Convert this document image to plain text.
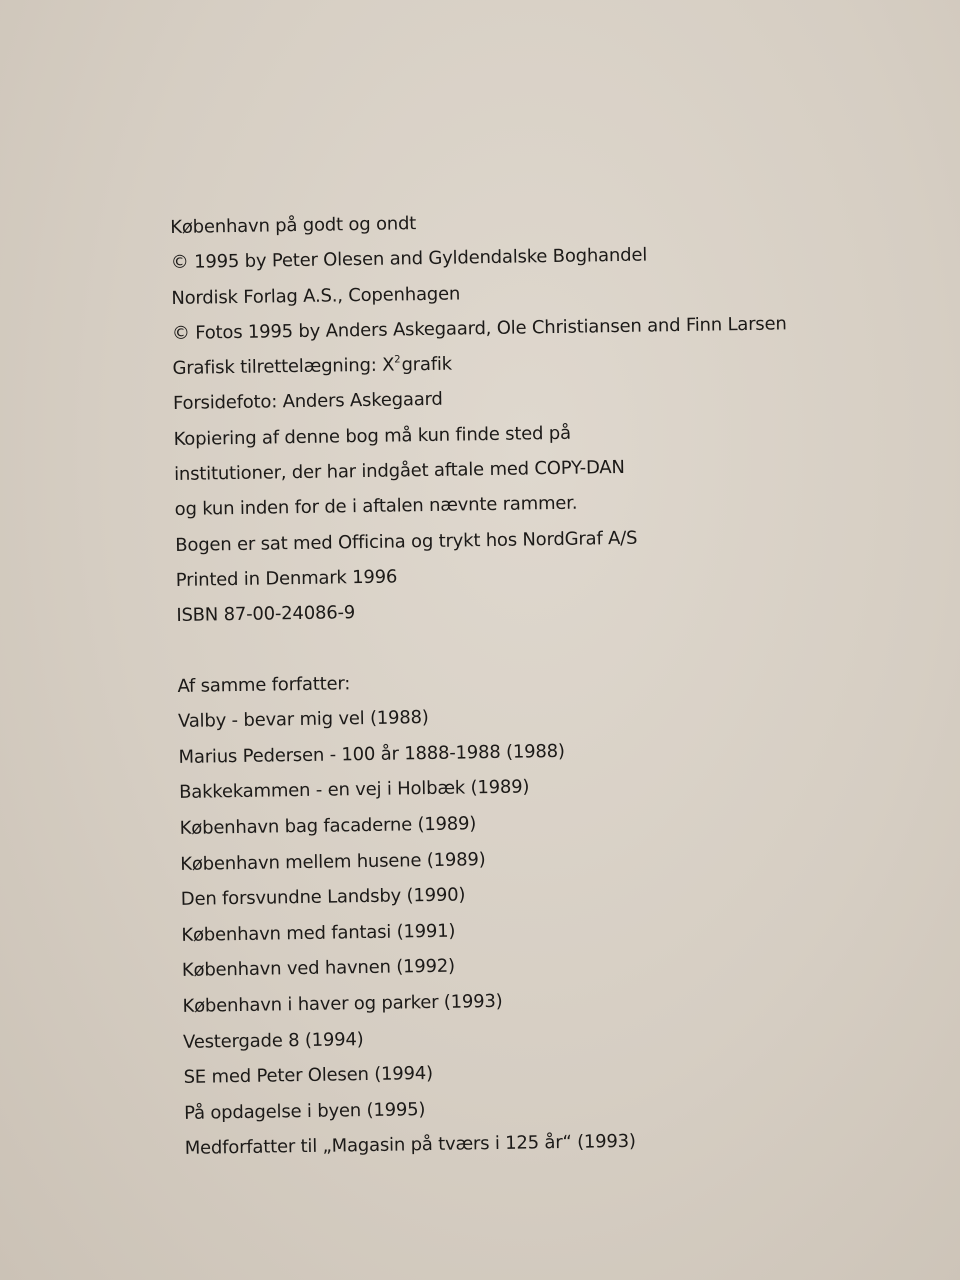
København på godt og ondt
© 1995 by Peter Olesen and Gyldendalske Boghandel
Nordisk Forlag A.S., Copenhagen
© Fotos 1995 by Anders Askegaard, Ole Christiansen and Finn Larsen
Grafisk tilrettelægning: $X^2grafik$
Forsidefoto: Anders Askegaard
Kopiering af denne bog må kun finde sted på
institutioner, der har indgået aftale med COPY-DAN
og kun inden for de i aftalen nævnte rammer.
Bogen er sat med Officina og trykt hos NordGraf A/S
Printed in Denmark 1996
ISBN 87-00-24086-9
Af samme forfatter:
Valby - bevar mig vel (1988)
Marius Pedersen - 100 år 1888-1988 (1988)
Bakkekammen - en vej i Holbæk (1989)
København bag facaderne (1989)
København mellem husene (1989)
Den forsvundne Landsby (1990)
København med fantasi (1991)
København ved havnen (1992)
København i haver og parker (1993)
Vestergade 8 (1994)
SE med Peter Olesen (1994)
På opdagelse i byen (1995)
Medforfatter til „Magasin på tværs i 125 år“ (1993)
